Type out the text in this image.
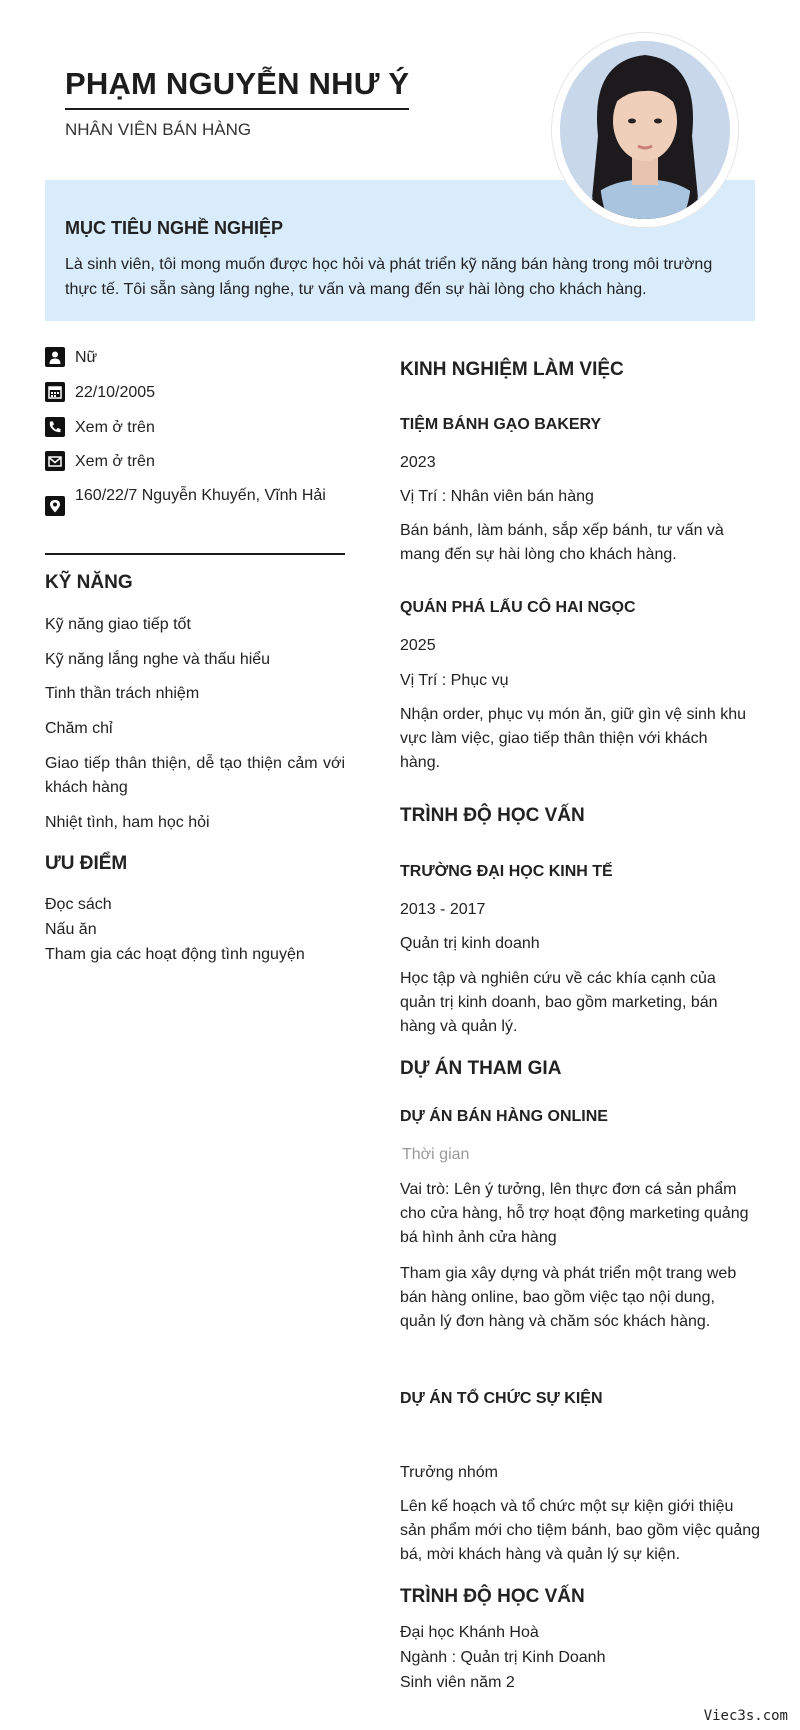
PHẠM NGUYỄN NHƯ Ý
NHÂN VIÊN BÁN HÀNG
MỤC TIÊU NGHỀ NGHIỆP
Là sinh viên, tôi mong muốn được học hỏi và phát triển kỹ năng bán hàng trong môi trường thực tế. Tôi sẵn sàng lắng nghe, tư vấn và mang đến sự hài lòng cho khách hàng.
Nữ
22/10/2005
Xem ở trên
Xem ở trên
160/22/7 Nguyễn Khuyến, Vĩnh Hải
KỸ NĂNG
Kỹ năng giao tiếp tốt
Kỹ năng lắng nghe và thấu hiểu
Tinh thần trách nhiệm
Chăm chỉ
Giao tiếp thân thiện, dễ tạo thiện cảm với khách hàng
Nhiệt tình, ham học hỏi
ƯU ĐIỂM
Đọc sách
Nấu ăn
Tham gia các hoạt động tình nguyện
KINH NGHIỆM LÀM VIỆC
TIỆM BÁNH GẠO BAKERY
2023
Vị Trí : Nhân viên bán hàng
Bán bánh, làm bánh, sắp xếp bánh, tư vấn và mang đến sự hài lòng cho khách hàng.
QUÁN PHÁ LẤU CÔ HAI NGỌC
2025
Vị Trí : Phục vụ
Nhận order, phục vụ món ăn, giữ gìn vệ sinh khu vực làm việc, giao tiếp thân thiện với khách hàng.
TRÌNH ĐỘ HỌC VẤN
TRƯỜNG ĐẠI HỌC KINH TẾ
2013 - 2017
Quản trị kinh doanh
Học tập và nghiên cứu về các khía cạnh của quản trị kinh doanh, bao gồm marketing, bán hàng và quản lý.
DỰ ÁN THAM GIA
DỰ ÁN BÁN HÀNG ONLINE
Thời gian
Vai trò: Lên ý tưởng, lên thực đơn cá sản phẩm cho cửa hàng, hỗ trợ hoạt động marketing quảng bá hình ảnh cửa hàng
Tham gia xây dựng và phát triển một trang web bán hàng online, bao gồm việc tạo nội dung, quản lý đơn hàng và chăm sóc khách hàng.
DỰ ÁN TỔ CHỨC SỰ KIỆN
Trưởng nhóm
Lên kế hoạch và tổ chức một sự kiện giới thiệu sản phẩm mới cho tiệm bánh, bao gồm việc quảng bá, mời khách hàng và quản lý sự kiện.
TRÌNH ĐỘ HỌC VẤN
Đại học Khánh Hoà
Ngành : Quản trị Kinh Doanh
Sinh viên năm 2
Viec3s.com
